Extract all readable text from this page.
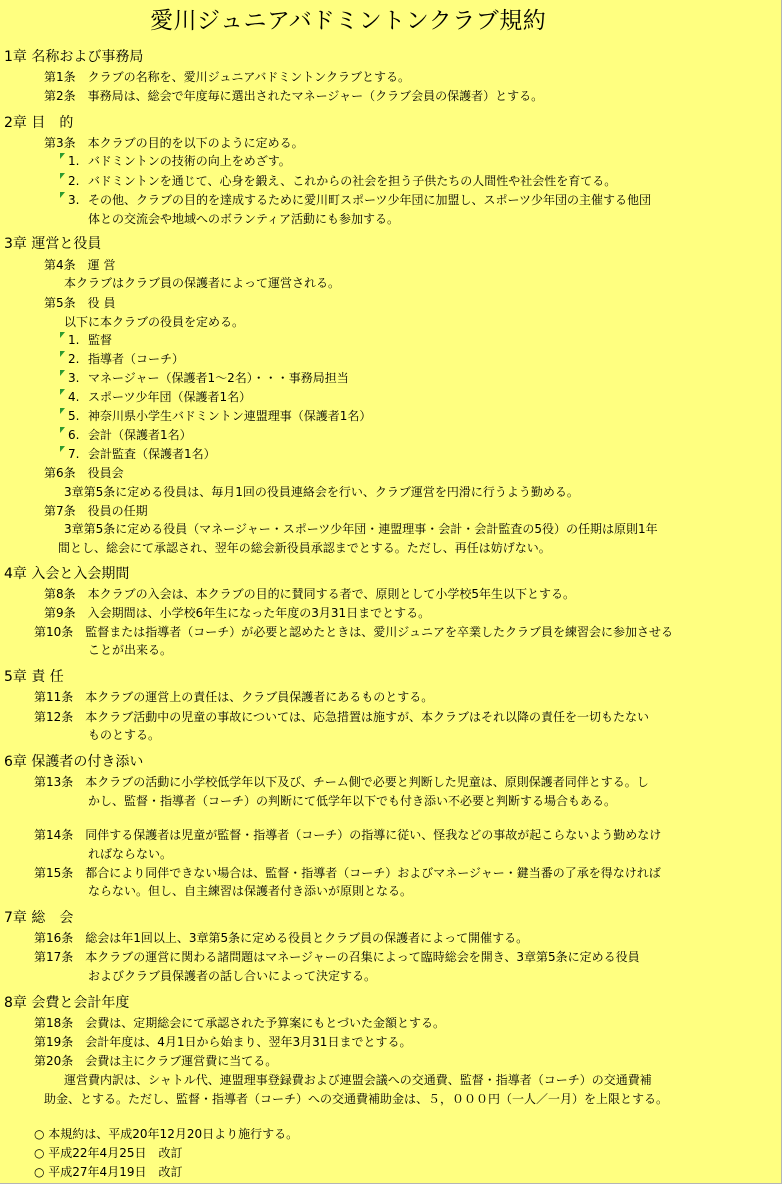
愛川ジュニアバドミントンクラブ規約
1章 名称および事務局
第1条　クラブの名称を、愛川ジュニアバドミントンクラブとする。
第2条　事務局は、総会で年度毎に選出されたマネージャー（クラブ会員の保護者）とする。
2章 目　的
第3条　本クラブの目的を以下のように定める。
1. バドミントンの技術の向上をめざす。
2. バドミントンを通じて、心身を鍛え、これからの社会を担う子供たちの人間性や社会性を育てる。
3. その他、クラブの目的を達成するために愛川町スポーツ少年団に加盟し、スポーツ少年団の主催する他団
体との交流会や地域へのボランティア活動にも参加する。
3章 運営と役員
第4条　運 営
本クラブはクラブ員の保護者によって運営される。
第5条　役 員
以下に本クラブの役員を定める。
1. 監督
2. 指導者（コーチ）
3. マネージャー（保護者1～2名）・・・事務局担当
4. スポーツ少年団（保護者1名）
5. 神奈川県小学生バドミントン連盟理事（保護者1名）
6. 会計（保護者1名）
7. 会計監査（保護者1名）
第6条　役員会
3章第5条に定める役員は、毎月1回の役員連絡会を行い、クラブ運営を円滑に行うよう勤める。
第7条　役員の任期
3章第5条に定める役員（マネージャー・スポーツ少年団・連盟理事・会計・会計監査の5役）の任期は原則1年
間とし、総会にて承認され、翌年の総会新役員承認までとする。ただし、再任は妨げない。
4章 入会と入会期間
第8条　本クラブの入会は、本クラブの目的に賛同する者で、原則として小学校5年生以下とする。
第9条　入会期間は、小学校6年生になった年度の3月31日までとする。
第10条　監督または指導者（コーチ）が必要と認めたときは、愛川ジュニアを卒業したクラブ員を練習会に参加させる
ことが出来る。
5章 責 任
第11条　本クラブの運営上の責任は、クラブ員保護者にあるものとする。
第12条　本クラブ活動中の児童の事故については、応急措置は施すが、本クラブはそれ以降の責任を一切もたない
ものとする。
6章 保護者の付き添い
第13条　本クラブの活動に小学校低学年以下及び、チーム側で必要と判断した児童は、原則保護者同伴とする。し
かし、監督・指導者（コーチ）の判断にて低学年以下でも付き添い不必要と判断する場合もある。
第14条　同伴する保護者は児童が監督・指導者（コーチ）の指導に従い、怪我などの事故が起こらないよう勤めなけ
ればならない。
第15条　都合により同伴できない場合は、監督・指導者（コーチ）およびマネージャー・鍵当番の了承を得なければ
ならない。但し、自主練習は保護者付き添いが原則となる。
7章 総　会
第16条　総会は年1回以上、3章第5条に定める役員とクラブ員の保護者によって開催する。
第17条　本クラブの運営に関わる諸問題はマネージャーの召集によって臨時総会を開き、3章第5条に定める役員
およびクラブ員保護者の話し合いによって決定する。
8章 会費と会計年度
第18条　会費は、定期総会にて承認された予算案にもとづいた金額とする。
第19条　会計年度は、4月1日から始まり、翌年3月31日までとする。
第20条　会費は主にクラブ運営費に当てる。
運営費内訳は、シャトル代、連盟理事登録費および連盟会議への交通費、監督・指導者（コーチ）の交通費補
助金、とする。ただし、監督・指導者（コーチ）への交通費補助金は、５，０００円（一人／一月）を上限とする。
○ 本規約は、平成20年12月20日より施行する。
○ 平成22年4月25日　改訂
○ 平成27年4月19日　改訂
